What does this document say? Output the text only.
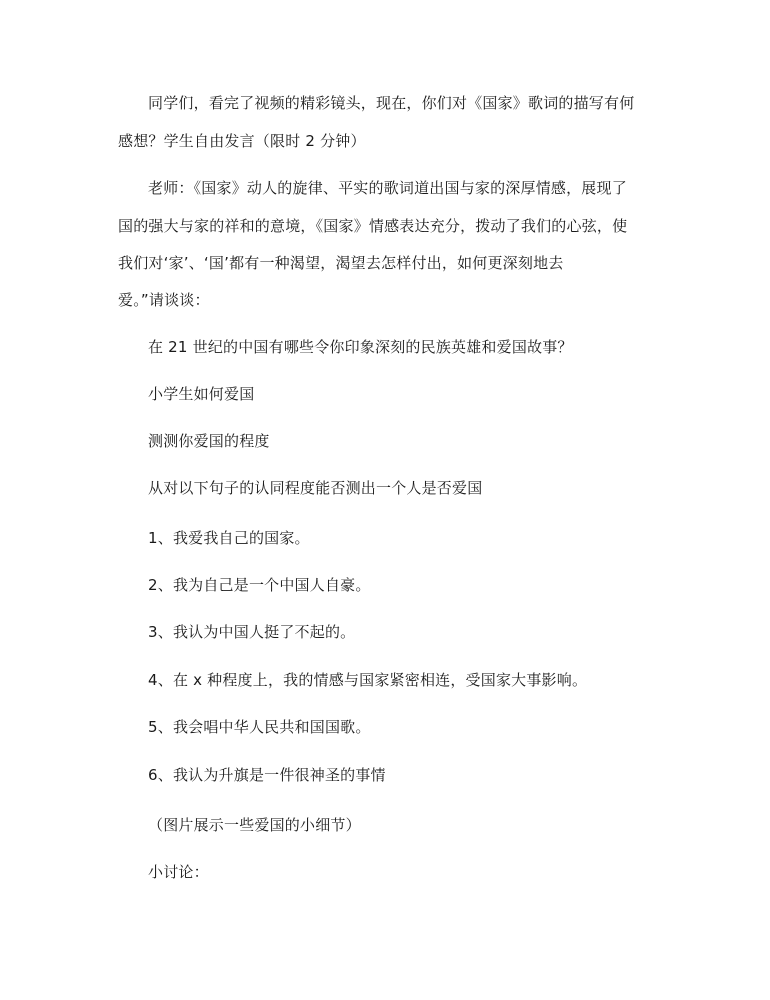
同学们，看完了视频的精彩镜头，现在，你们对《国家》歌词的描写有何
感想？学生自由发言（限时 2 分钟）
老师：《国家》动人的旋律、平实的歌词道出国与家的深厚情感，展现了
国的强大与家的祥和的意境，《国家》情感表达充分，拨动了我们的心弦，使
我们对‘家’、‘国’都有一种渴望，渴望去怎样付出，如何更深刻地去
爱。”请谈谈：
在 21 世纪的中国有哪些令你印象深刻的民族英雄和爱国故事？
小学生如何爱国
测测你爱国的程度
从对以下句子的认同程度能否测出一个人是否爱国
1、我爱我自己的国家。
2、我为自己是一个中国人自豪。
3、我认为中国人挺了不起的。
4、在 x 种程度上，我的情感与国家紧密相连，受国家大事影响。
5、我会唱中华人民共和国国歌。
6、我认为升旗是一件很神圣的事情
（图片展示一些爱国的小细节）
小讨论：
